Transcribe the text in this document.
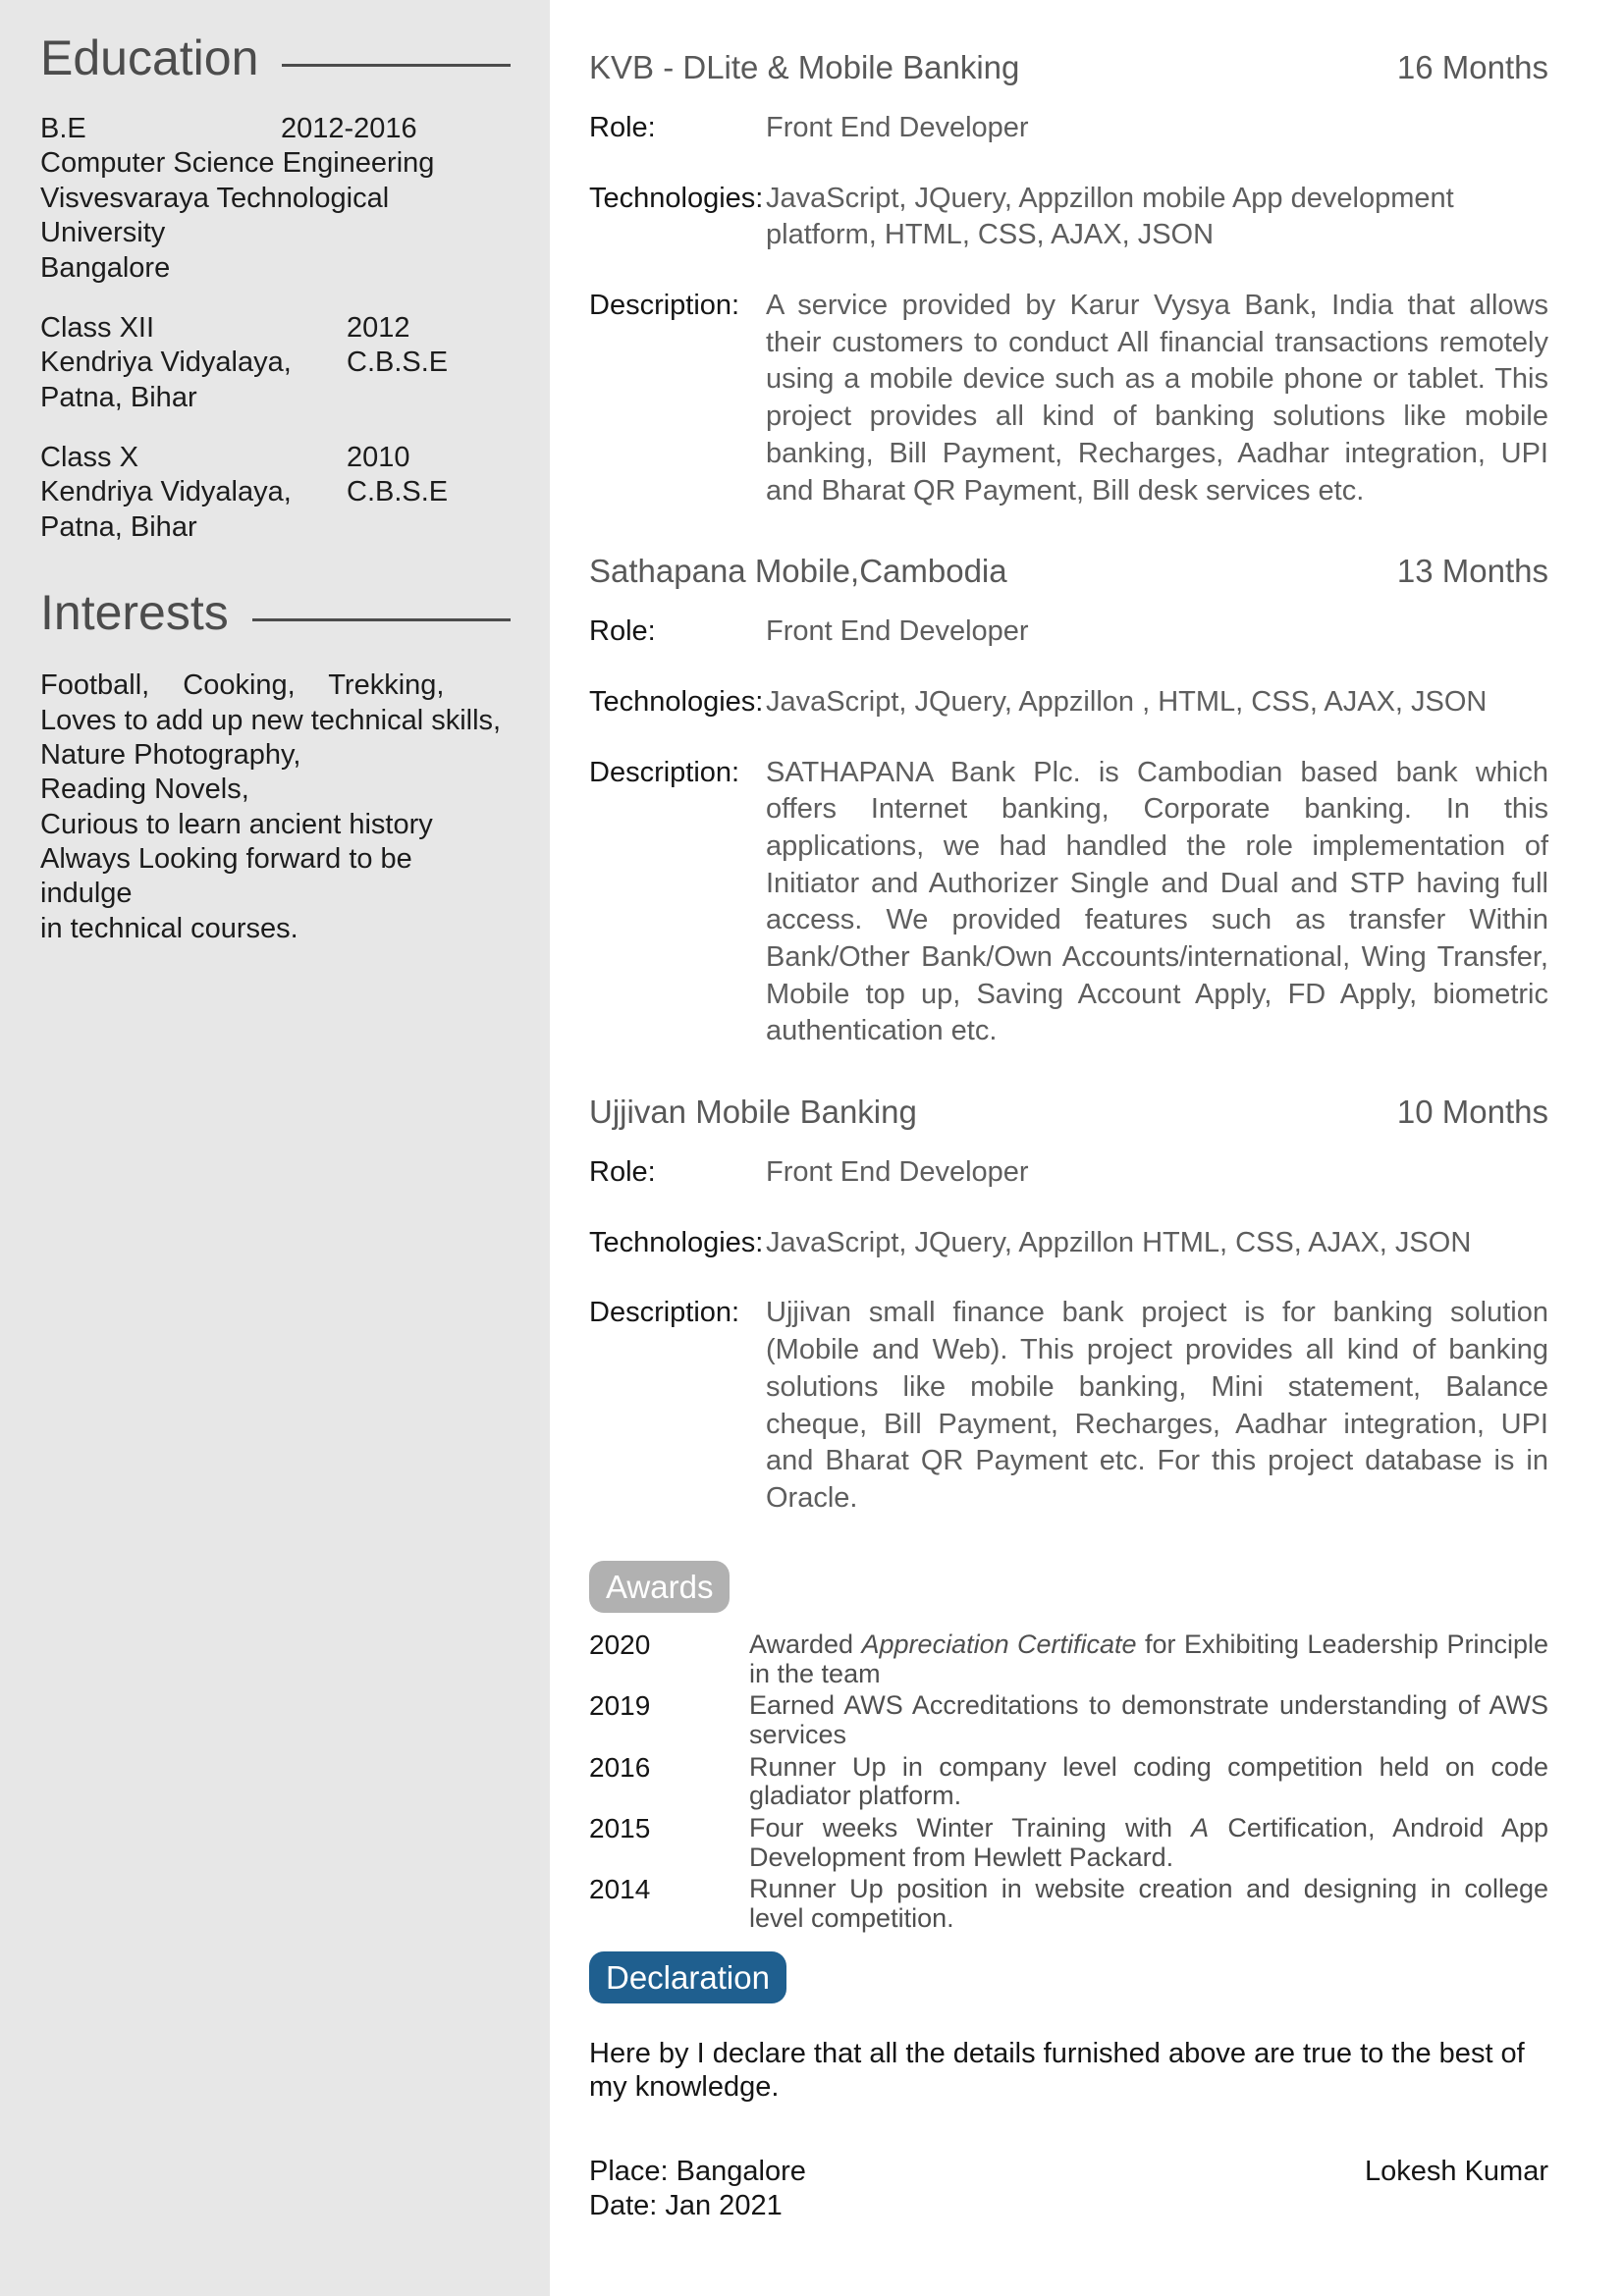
Education
B.E	2012-2016
Computer Science Engineering
Visvesvaraya Technological University
Bangalore
Class XII	2012
Kendriya Vidyalaya,	C.B.S.E
Patna, Bihar
Class X	2010
Kendriya Vidyalaya,	C.B.S.E
Patna, Bihar
Interests
Football, Cooking, Trekking,
Loves to add up new technical skills,
Nature Photography,
Reading Novels,
Curious to learn ancient history
Always Looking forward to be indulge
in technical courses.
KVB - DLite & Mobile Banking	16 Months
Role:	Front End Developer
Technologies: JavaScript, JQuery, Appzillon mobile App development platform, HTML, CSS, AJAX, JSON
Description: A service provided by Karur Vysya Bank, India that allows their customers to conduct All financial transactions remotely using a mobile device such as a mobile phone or tablet. This project provides all kind of banking solutions like mobile banking, Bill Payment, Recharges, Aadhar integration, UPI and Bharat QR Payment, Bill desk services etc.
Sathapana Mobile,Cambodia	13 Months
Role:	Front End Developer
Technologies: JavaScript, JQuery, Appzillon , HTML, CSS, AJAX, JSON
Description: SATHAPANA Bank Plc. is Cambodian based bank which offers Internet banking, Corporate banking. In this applications, we had handled the role implementation of Initiator and Authorizer Single and Dual and STP having full access. We provided features such as transfer Within Bank/Other Bank/Own Accounts/international, Wing Transfer, Mobile top up, Saving Account Apply, FD Apply, biometric authentication etc.
Ujjivan Mobile Banking	10 Months
Role:	Front End Developer
Technologies: JavaScript, JQuery, Appzillon HTML, CSS, AJAX, JSON
Description: Ujjivan small finance bank project is for banking solution (Mobile and Web). This project provides all kind of banking solutions like mobile banking, Mini statement, Balance cheque, Bill Payment, Recharges, Aadhar integration, UPI and Bharat QR Payment etc. For this project database is in Oracle.
Awards
2020	Awarded Appreciation Certificate for Exhibiting Leadership Principle in the team
2019	Earned AWS Accreditations to demonstrate understanding of AWS services
2016	Runner Up in company level coding competition held on code gladiator platform.
2015	Four weeks Winter Training with A Certification, Android App Development from Hewlett Packard.
2014	Runner Up position in website creation and designing in college level competition.
Declaration

Here by I declare that all the details furnished above are true to the best of my knowledge.

Place: Bangalore
Date: Jan 2021
Lokesh Kumar
